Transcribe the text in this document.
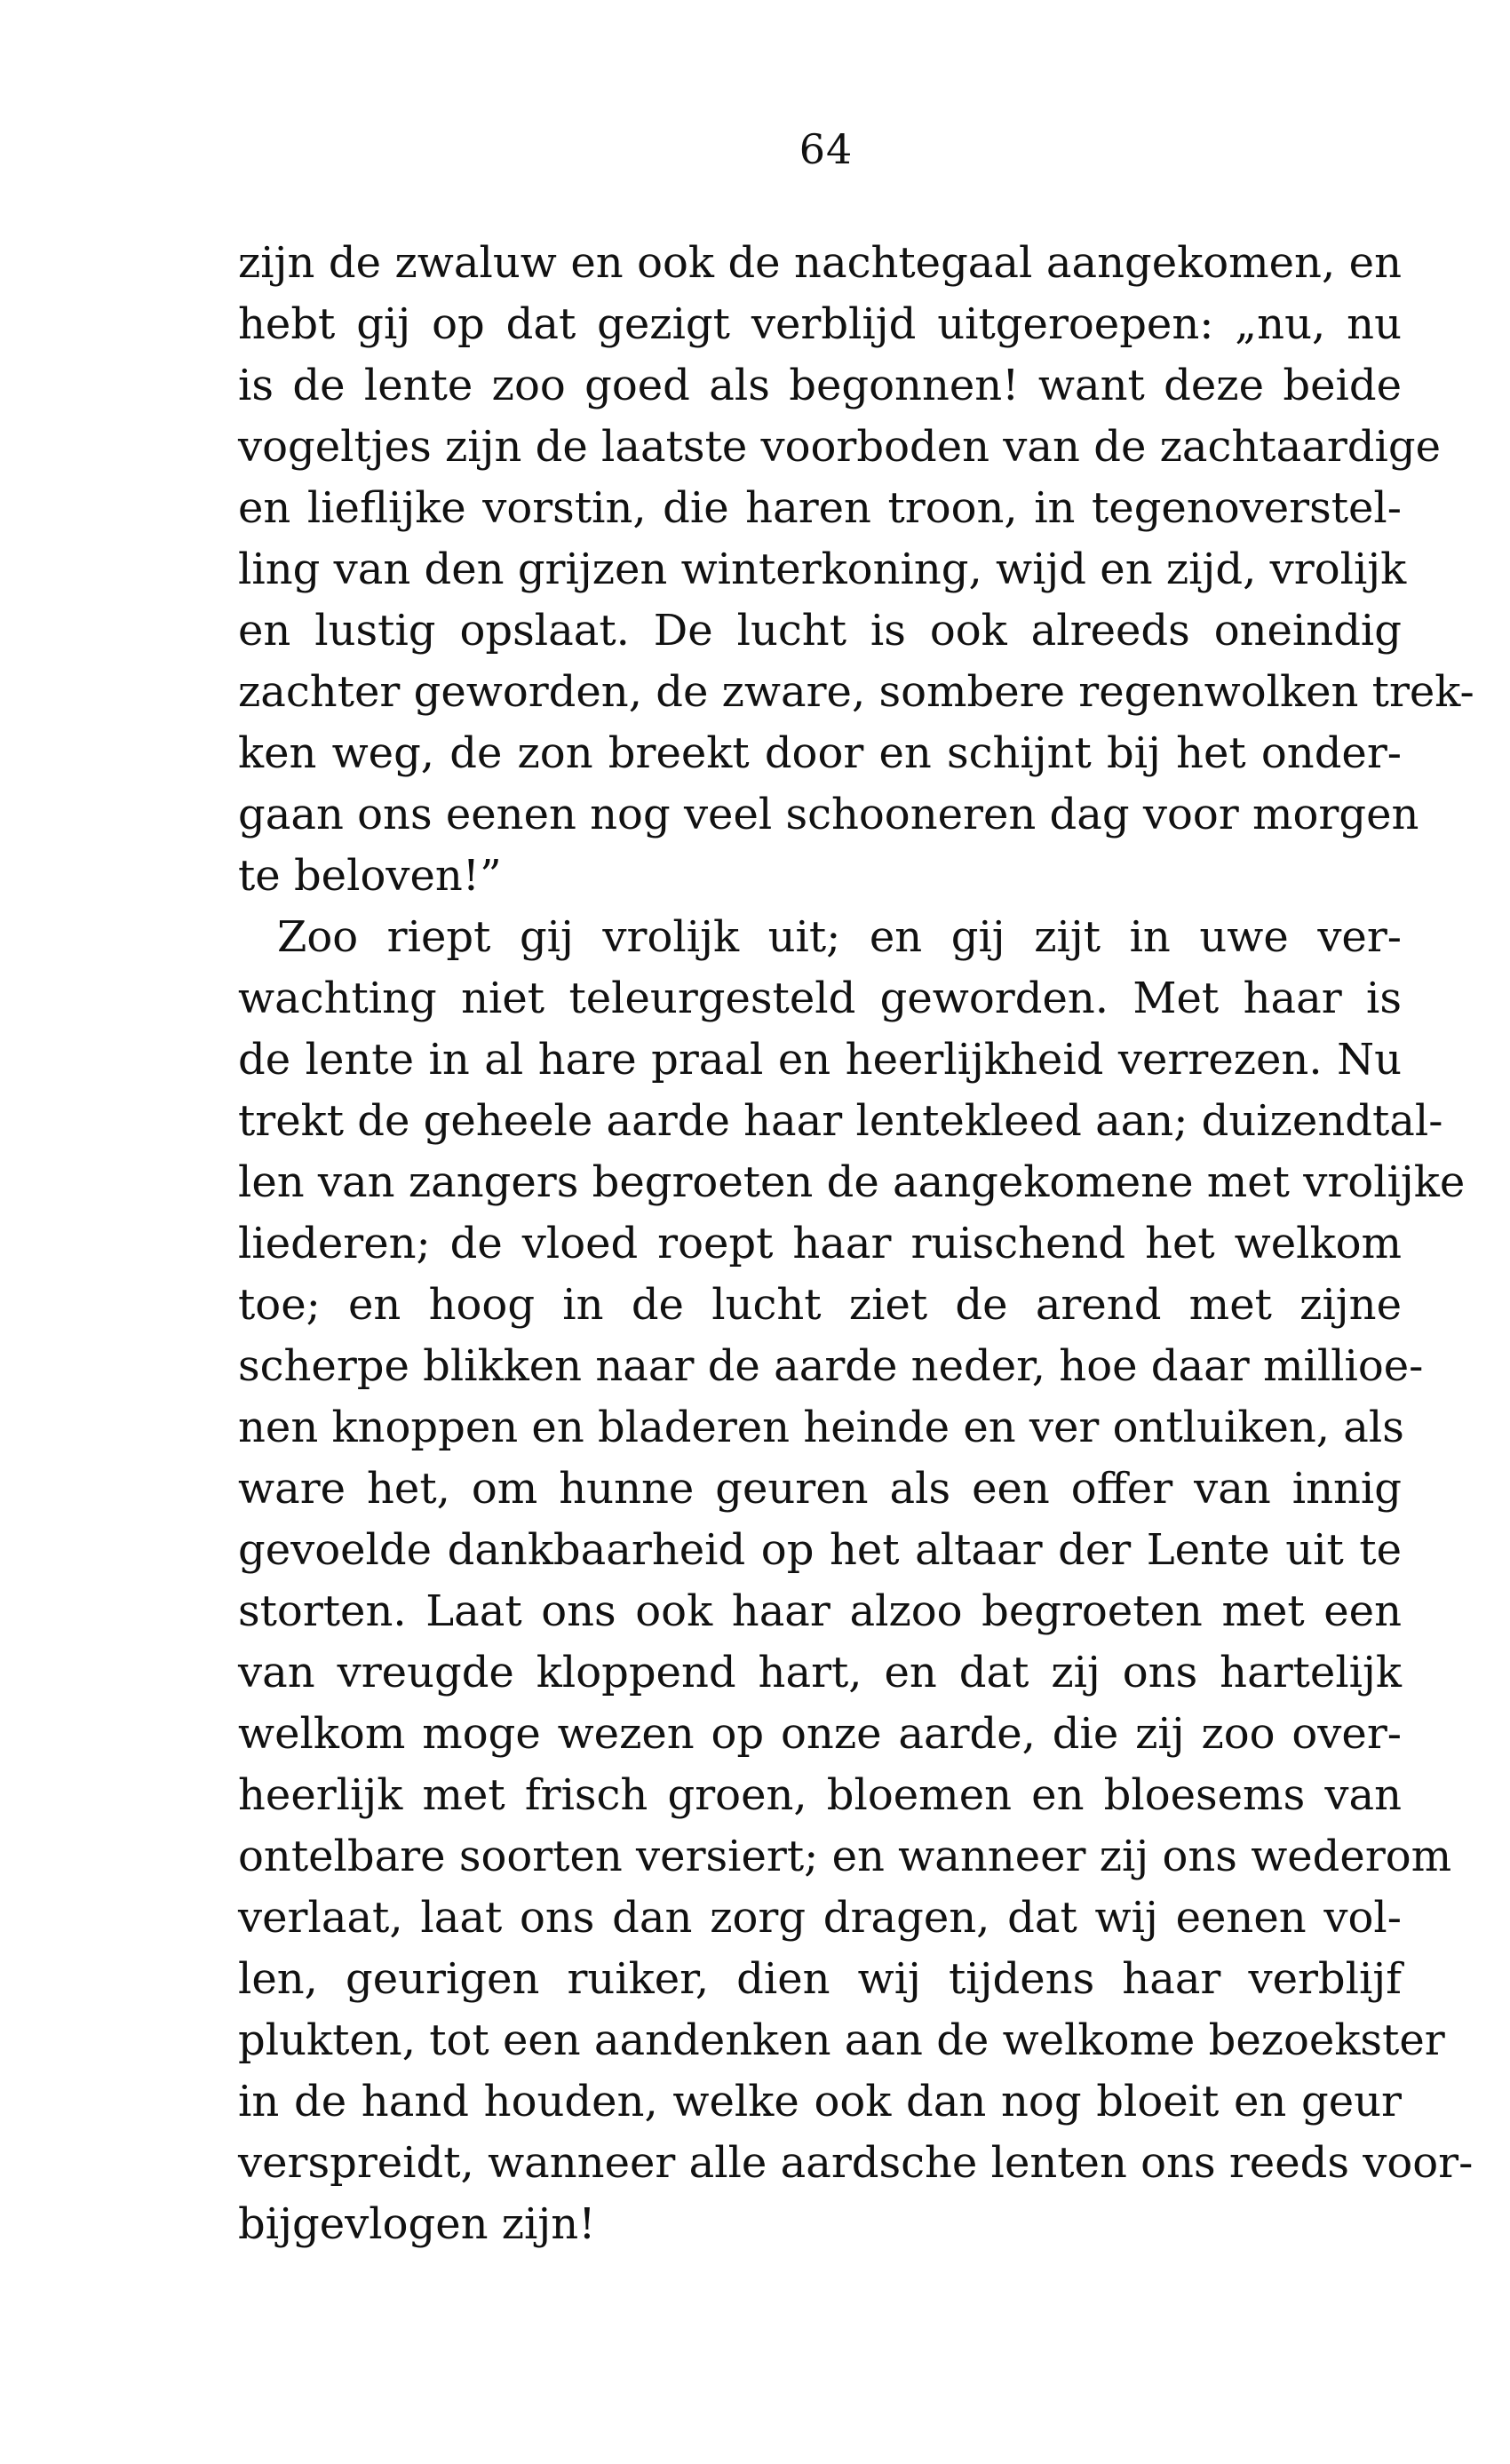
64
zijn de zwaluw en ook de nachtegaal aangekomen, en
hebt gij op dat gezigt verblijd uitgeroepen: „nu, nu
is de lente zoo goed als begonnen! want deze beide
vogeltjes zijn de laatste voorboden van de zachtaardige
en lieflijke vorstin, die haren troon, in tegenoverstel-
ling van den grijzen winterkoning, wijd en zijd, vrolijk
en lustig opslaat. De lucht is ook alreeds oneindig
zachter geworden, de zware, sombere regenwolken trek-
ken weg, de zon breekt door en schijnt bij het onder-
gaan ons eenen nog veel schooneren dag voor morgen
te beloven!”
Zoo riept gij vrolijk uit; en gij zijt in uwe ver-
wachting niet teleurgesteld geworden. Met haar is
de lente in al hare praal en heerlijkheid verrezen. Nu
trekt de geheele aarde haar lentekleed aan; duizendtal-
len van zangers begroeten de aangekomene met vrolijke
liederen; de vloed roept haar ruischend het welkom
toe; en hoog in de lucht ziet de arend met zijne
scherpe blikken naar de aarde neder, hoe daar millioe-
nen knoppen en bladeren heinde en ver ontluiken, als
ware het, om hunne geuren als een offer van innig
gevoelde dankbaarheid op het altaar der Lente uit te
storten. Laat ons ook haar alzoo begroeten met een
van vreugde kloppend hart, en dat zij ons hartelijk
welkom moge wezen op onze aarde, die zij zoo over-
heerlijk met frisch groen, bloemen en bloesems van
ontelbare soorten versiert; en wanneer zij ons wederom
verlaat, laat ons dan zorg dragen, dat wij eenen vol-
len, geurigen ruiker, dien wij tijdens haar verblijf
plukten, tot een aandenken aan de welkome bezoekster
in de hand houden, welke ook dan nog bloeit en geur
verspreidt, wanneer alle aardsche lenten ons reeds voor-
bijgevlogen zijn!
